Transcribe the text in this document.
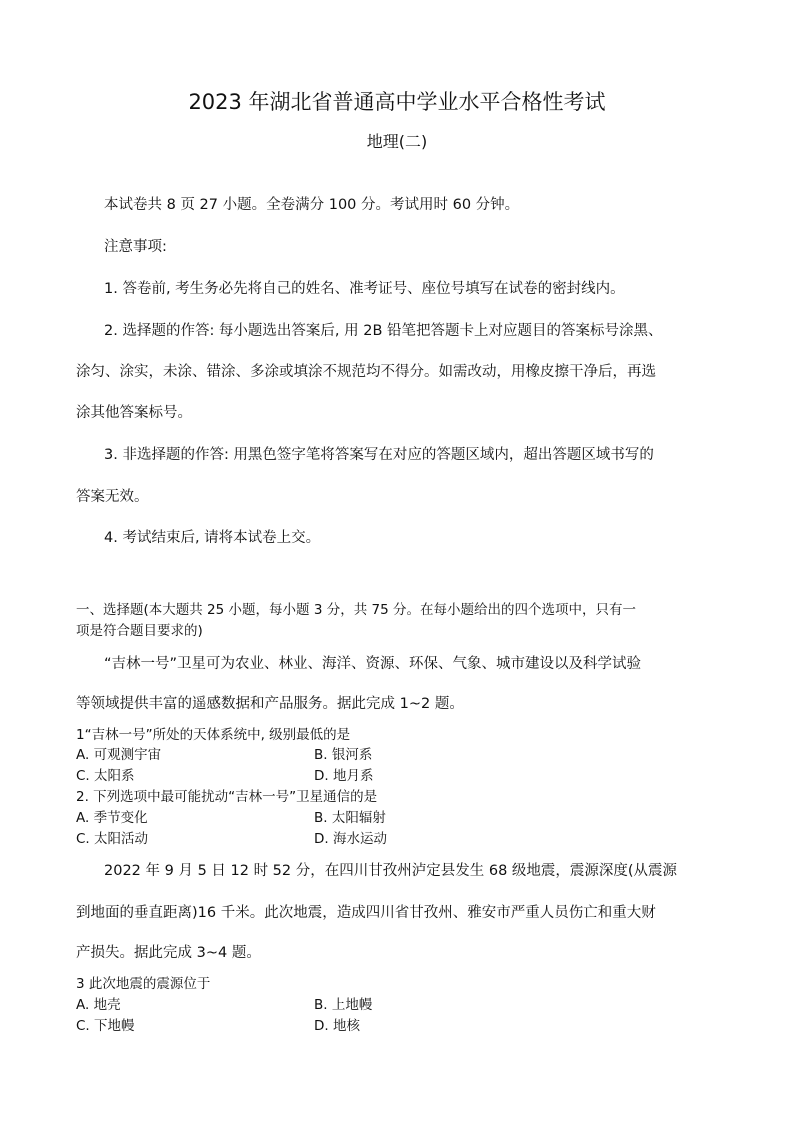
2023 年湖北省普通高中学业水平合格性考试
地理(二)
本试卷共 8 页 27 小题。全卷满分 100 分。考试用时 60 分钟。
注意事项:
1. 答卷前, 考生务必先将自己的姓名、准考证号、座位号填写在试卷的密封线内。
2. 选择题的作答: 每小题选出答案后, 用 2B 铅笔把答题卡上对应题目的答案标号涂黑、
涂匀、涂实，未涂、错涂、多涂或填涂不规范均不得分。如需改动，用橡皮擦干净后，再选
涂其他答案标号。
3. 非选择题的作答: 用黑色签字笔将答案写在对应的答题区域内，超出答题区域书写的
答案无效。
4. 考试结束后, 请将本试卷上交。
一、选择题(本大题共 25 小题，每小题 3 分，共 75 分。在每小题给出的四个选项中，只有一
项是符合题目要求的)
“吉林一号”卫星可为农业、林业、海洋、资源、环保、气象、城市建设以及科学试验
等领域提供丰富的遥感数据和产品服务。据此完成 1~2 题。
1“吉林一号”所处的天体系统中, 级别最低的是
A. 可观测宇宙	B. 银河系
C. 太阳系	D. 地月系
2. 下列选项中最可能扰动“吉林一号”卫星通信的是
A. 季节变化	B. 太阳辐射
C. 太阳活动	D. 海水运动
2022 年 9 月 5 日 12 时 52 分，在四川甘孜州泸定县发生 68 级地震，震源深度(从震源
到地面的垂直距离)16 千米。此次地震，造成四川省甘孜州、雅安市严重人员伤亡和重大财
产损失。据此完成 3~4 题。
3 此次地震的震源位于
A. 地壳	B. 上地幔
C. 下地幔	D. 地核
